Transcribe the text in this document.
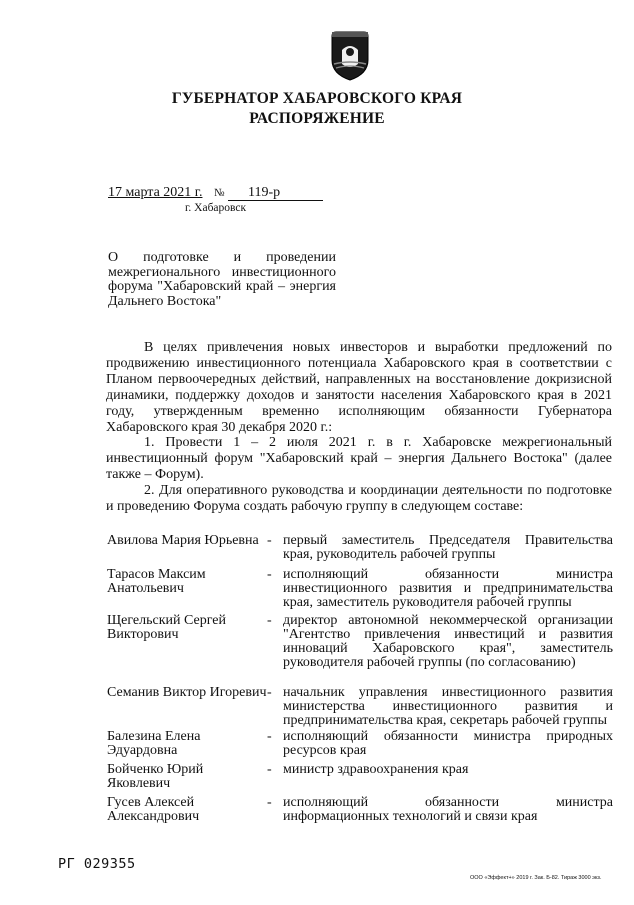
ГУБЕРНАТОР ХАБАРОВСКОГО КРАЯ
РАСПОРЯЖЕНИЕ
17 марта 2021 г. № 119-р
г. Хабаровск
О подготовке и проведении межрегионального инвестиционного форума "Хабаровский край – энергия Дальнего Востока"

В целях привлечения новых инвесторов и выработки предложений по продвижению инвестиционного потенциала Хабаровского края в соответствии с Планом первоочередных действий, направленных на восстановление докризисной динамики, поддержку доходов и занятости населения Хабаровского края в 2021 году, утвержденным временно исполняющим обязанности Губернатора Хабаровского края 30 декабря 2020 г.:

1. Провести 1 – 2 июля 2021 г. в г. Хабаровске межрегиональный инвестиционный форум "Хабаровский край – энергия Дальнего Востока" (далее также – Форум).

2. Для оперативного руководства и координации деятельности по подготовке и проведению Форума создать рабочую группу в следующем составе:

Авилова Мария Юрьевна - первый заместитель Председателя Правительства края, руководитель рабочей группы
Тарасов Максим Анатольевич
- исполняющий обязанности министра инвестиционного развития и предпринимательства края, заместитель руководителя рабочей группы
Щегельский Сергей Викторович
- директор автономной некоммерческой организации "Агентство привлечения инвестиций и развития инноваций Хабаровского края", заместитель руководителя рабочей группы (по согласованию)
Семанив Виктор Игоревич - начальник управления инвестиционного развития министерства инвестиционного развития и предпринимательства края, секретарь рабочей группы
Балезина Елена Эдуардовна
- исполняющий обязанности министра природных ресурсов края
Бойченко Юрий Яковлевич
- министр здравоохранения края
Гусев Алексей Александрович
- исполняющий обязанности министра информационных технологий и связи края
РГ 029355
ООО «Эффект+» 2019 г. Зак. Б-82. Тираж 3000 экз.
